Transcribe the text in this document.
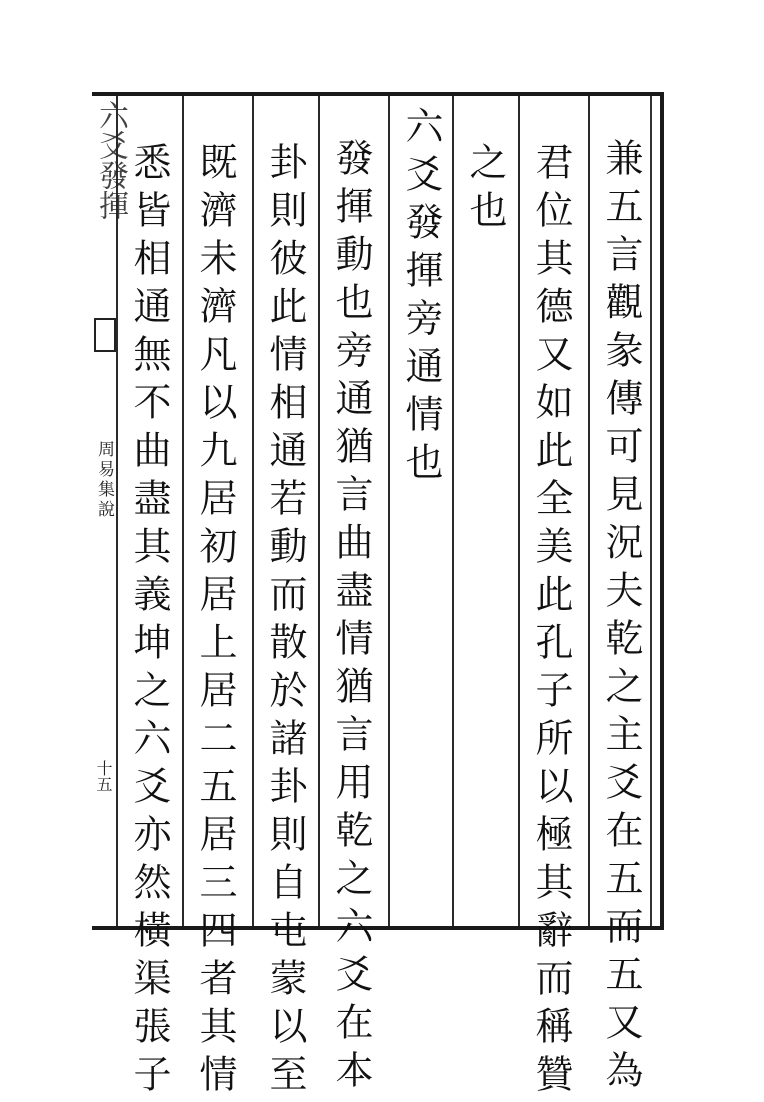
兼五言觀彖傳可見況夫乾之主爻在五而五又為
君位其德又如此全美此孔子所以極其辭而稱贊
之也
六爻發揮旁通情也
發揮動也旁通猶言曲盡情猶言用乾之六爻在本
卦則彼此情相通若動而散於諸卦則自屯蒙以至
既濟未濟凡以九居初居上居二五居三四者其情
悉皆相通無不曲盡其義坤之六爻亦然橫渠張子
六爻發揮
周易集說
十五
